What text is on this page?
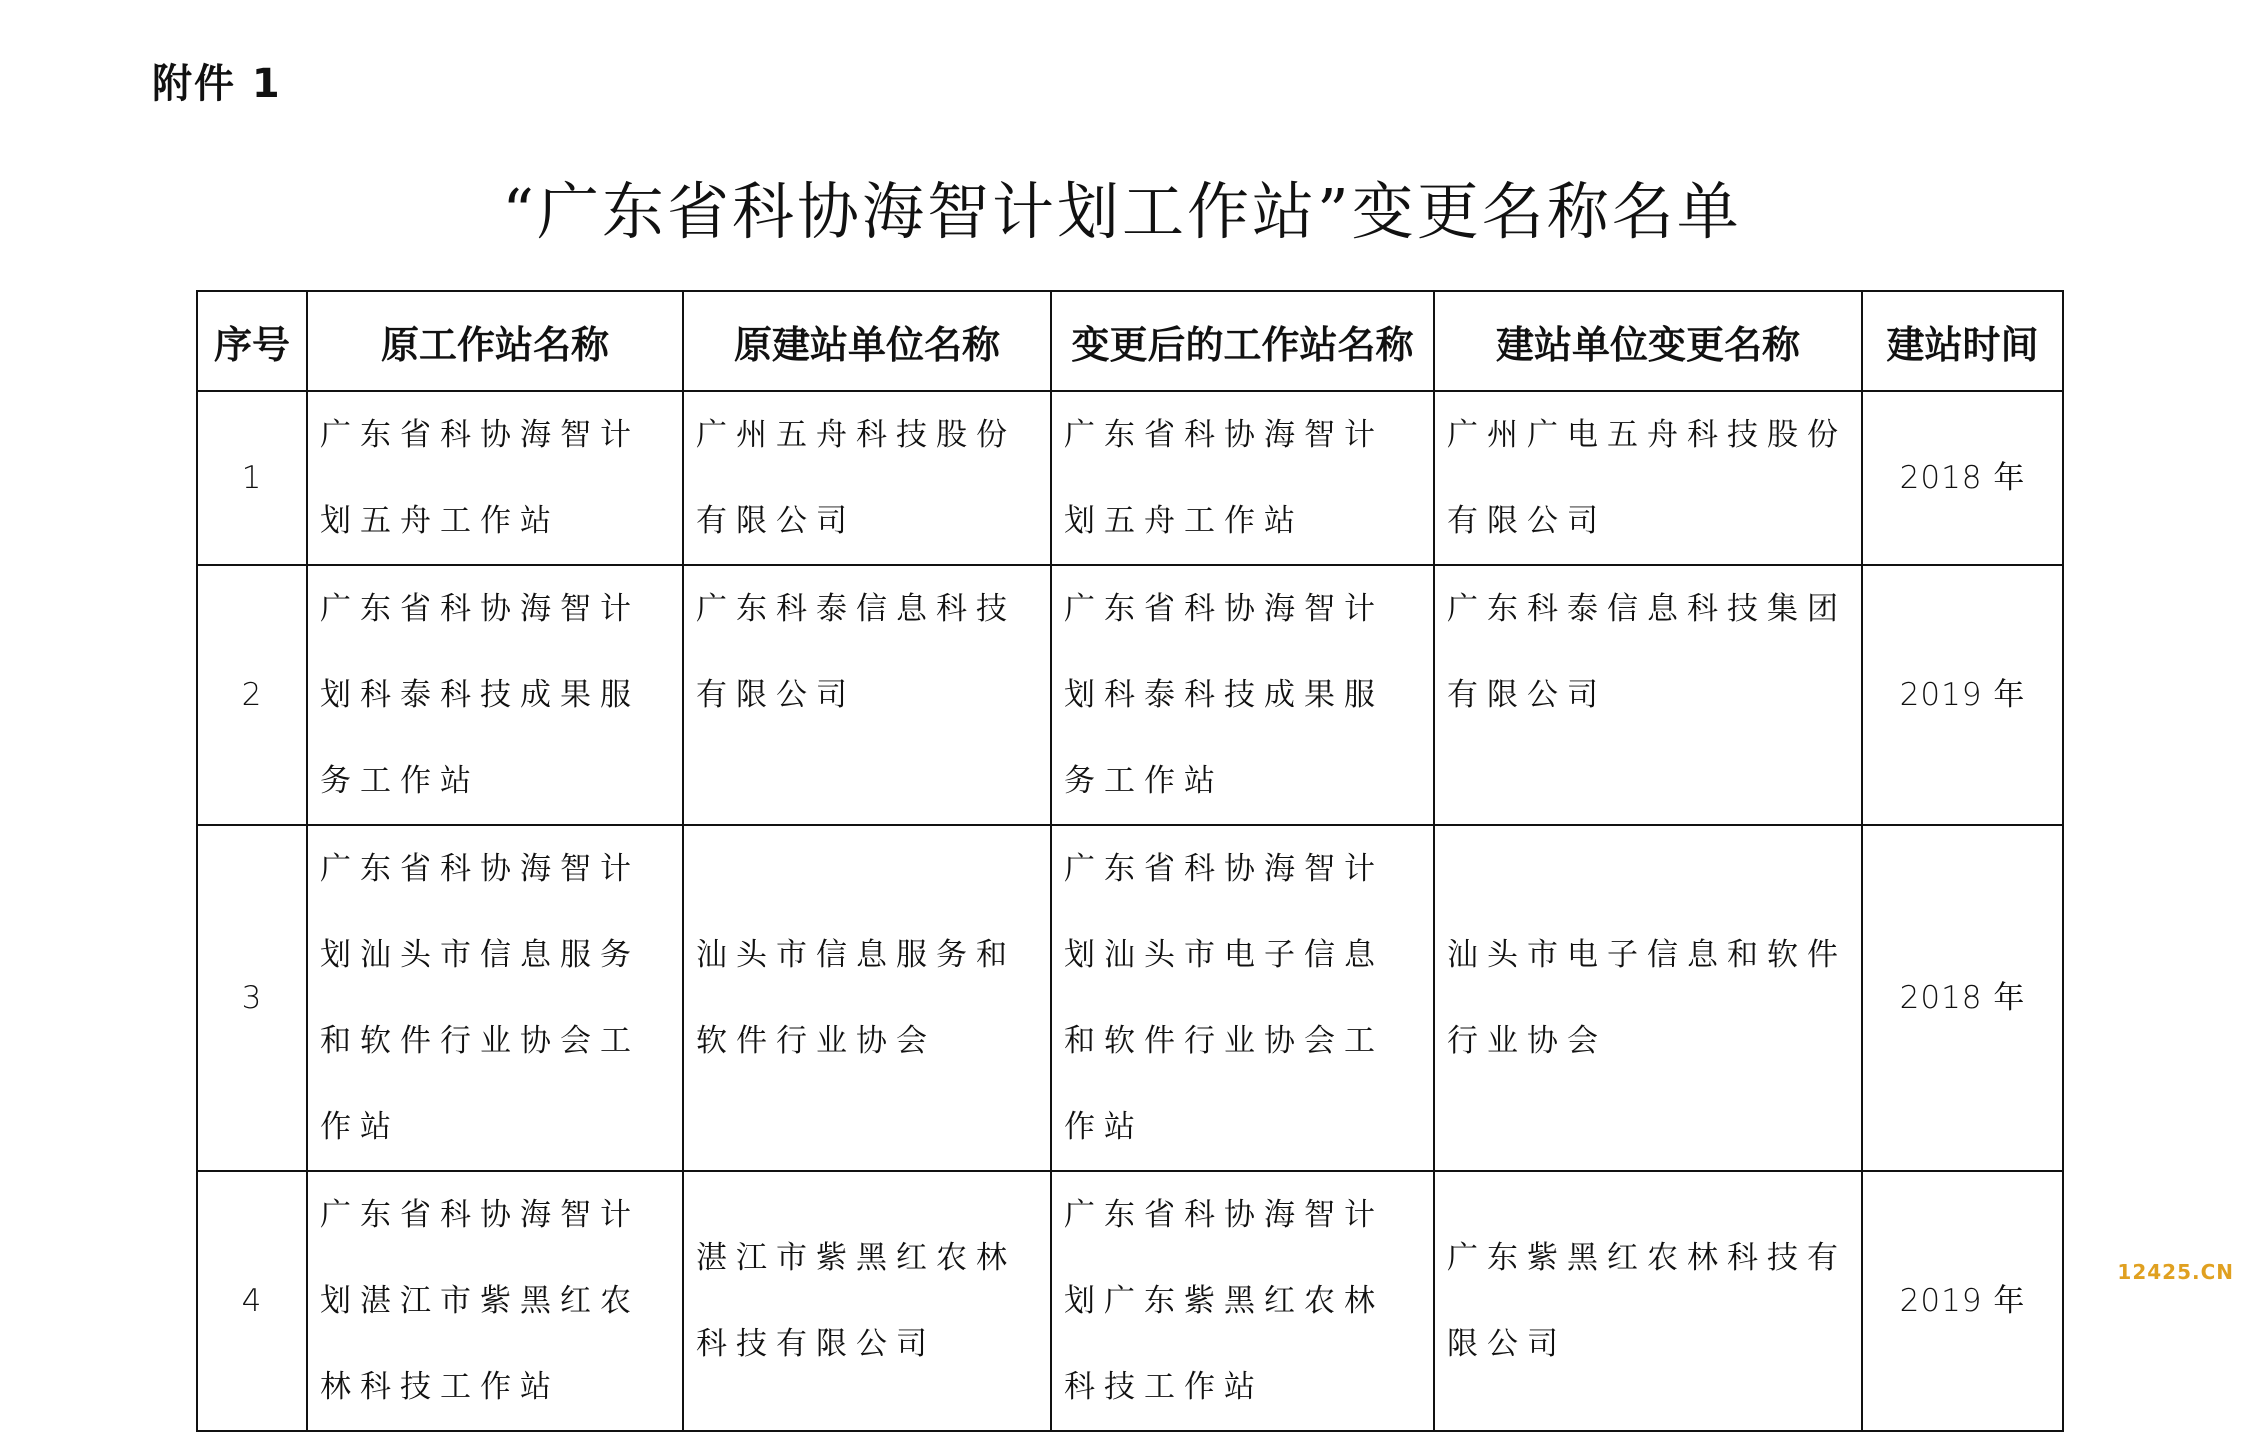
附件 1
“广东省科协海智计划工作站”变更名称名单
序号	原工作站名称	原建站单位名称	变更后的工作站名称	建站单位变更名称	建站时间
1	广东省科协海智计划五舟工作站	广州五舟科技股份有限公司	广东省科协海智计划五舟工作站	广州广电五舟科技股份有限公司	2018 年
2	广东省科协海智计划科泰科技成果服务工作站	广东科泰信息科技有限公司	广东省科协海智计划科泰科技成果服务工作站	广东科泰信息科技集团有限公司	2019 年
3	广东省科协海智计划汕头市信息服务和软件行业协会工作站	汕头市信息服务和软件行业协会	广东省科协海智计划汕头市电子信息和软件行业协会工作站	汕头市电子信息和软件行业协会	2018 年
4	广东省科协海智计划湛江市紫黑红农林科技工作站	湛江市紫黑红农林科技有限公司	广东省科协海智计划广东紫黑红农林科技工作站	广东紫黑红农林科技有限公司	2019 年
12425.CN
